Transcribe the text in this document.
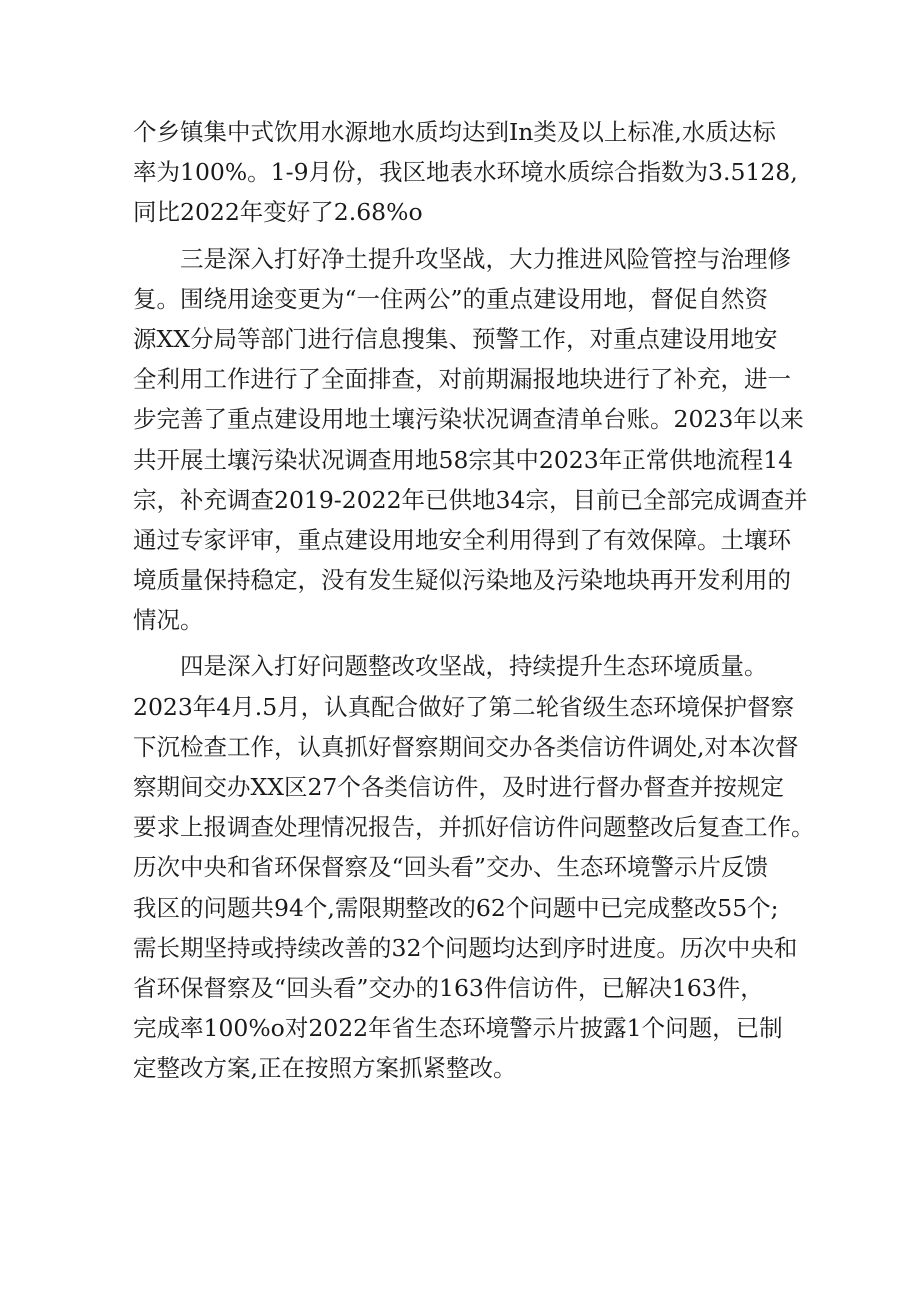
个乡镇集中式饮用水源地水质均达到In类及以上标准,水质达标
率为100%。1-9月份，我区地表水环境水质综合指数为3.5128,
同比2022年变好了2.68%o
三是深入打好净土提升攻坚战，大力推进风险管控与治理修
复。围绕用途变更为“一住两公”的重点建设用地，督促自然资
源XX分局等部门进行信息搜集、预警工作，对重点建设用地安
全利用工作进行了全面排查，对前期漏报地块进行了补充，进一
步完善了重点建设用地土壤污染状况调查清单台账。2023年以来
共开展土壤污染状况调查用地58宗其中2023年正常供地流程14
宗，补充调查2019-2022年已供地34宗，目前已全部完成调查并
通过专家评审，重点建设用地安全利用得到了有效保障。土壤环
境质量保持稳定，没有发生疑似污染地及污染地块再开发利用的
情况。
四是深入打好问题整改攻坚战，持续提升生态环境质量。
2023年4月.5月，认真配合做好了第二轮省级生态环境保护督察
下沉检查工作，认真抓好督察期间交办各类信访件调处,对本次督
察期间交办XX区27个各类信访件，及时进行督办督查并按规定
要求上报调查处理情况报告，并抓好信访件问题整改后复查工作。
历次中央和省环保督察及“回头看”交办、生态环境警示片反馈
我区的问题共94个,需限期整改的62个问题中已完成整改55个;
需长期坚持或持续改善的32个问题均达到序时进度。历次中央和
省环保督察及“回头看”交办的163件信访件，已解决163件，
完成率100%o对2022年省生态环境警示片披露1个问题，已制
定整改方案,正在按照方案抓紧整改。
